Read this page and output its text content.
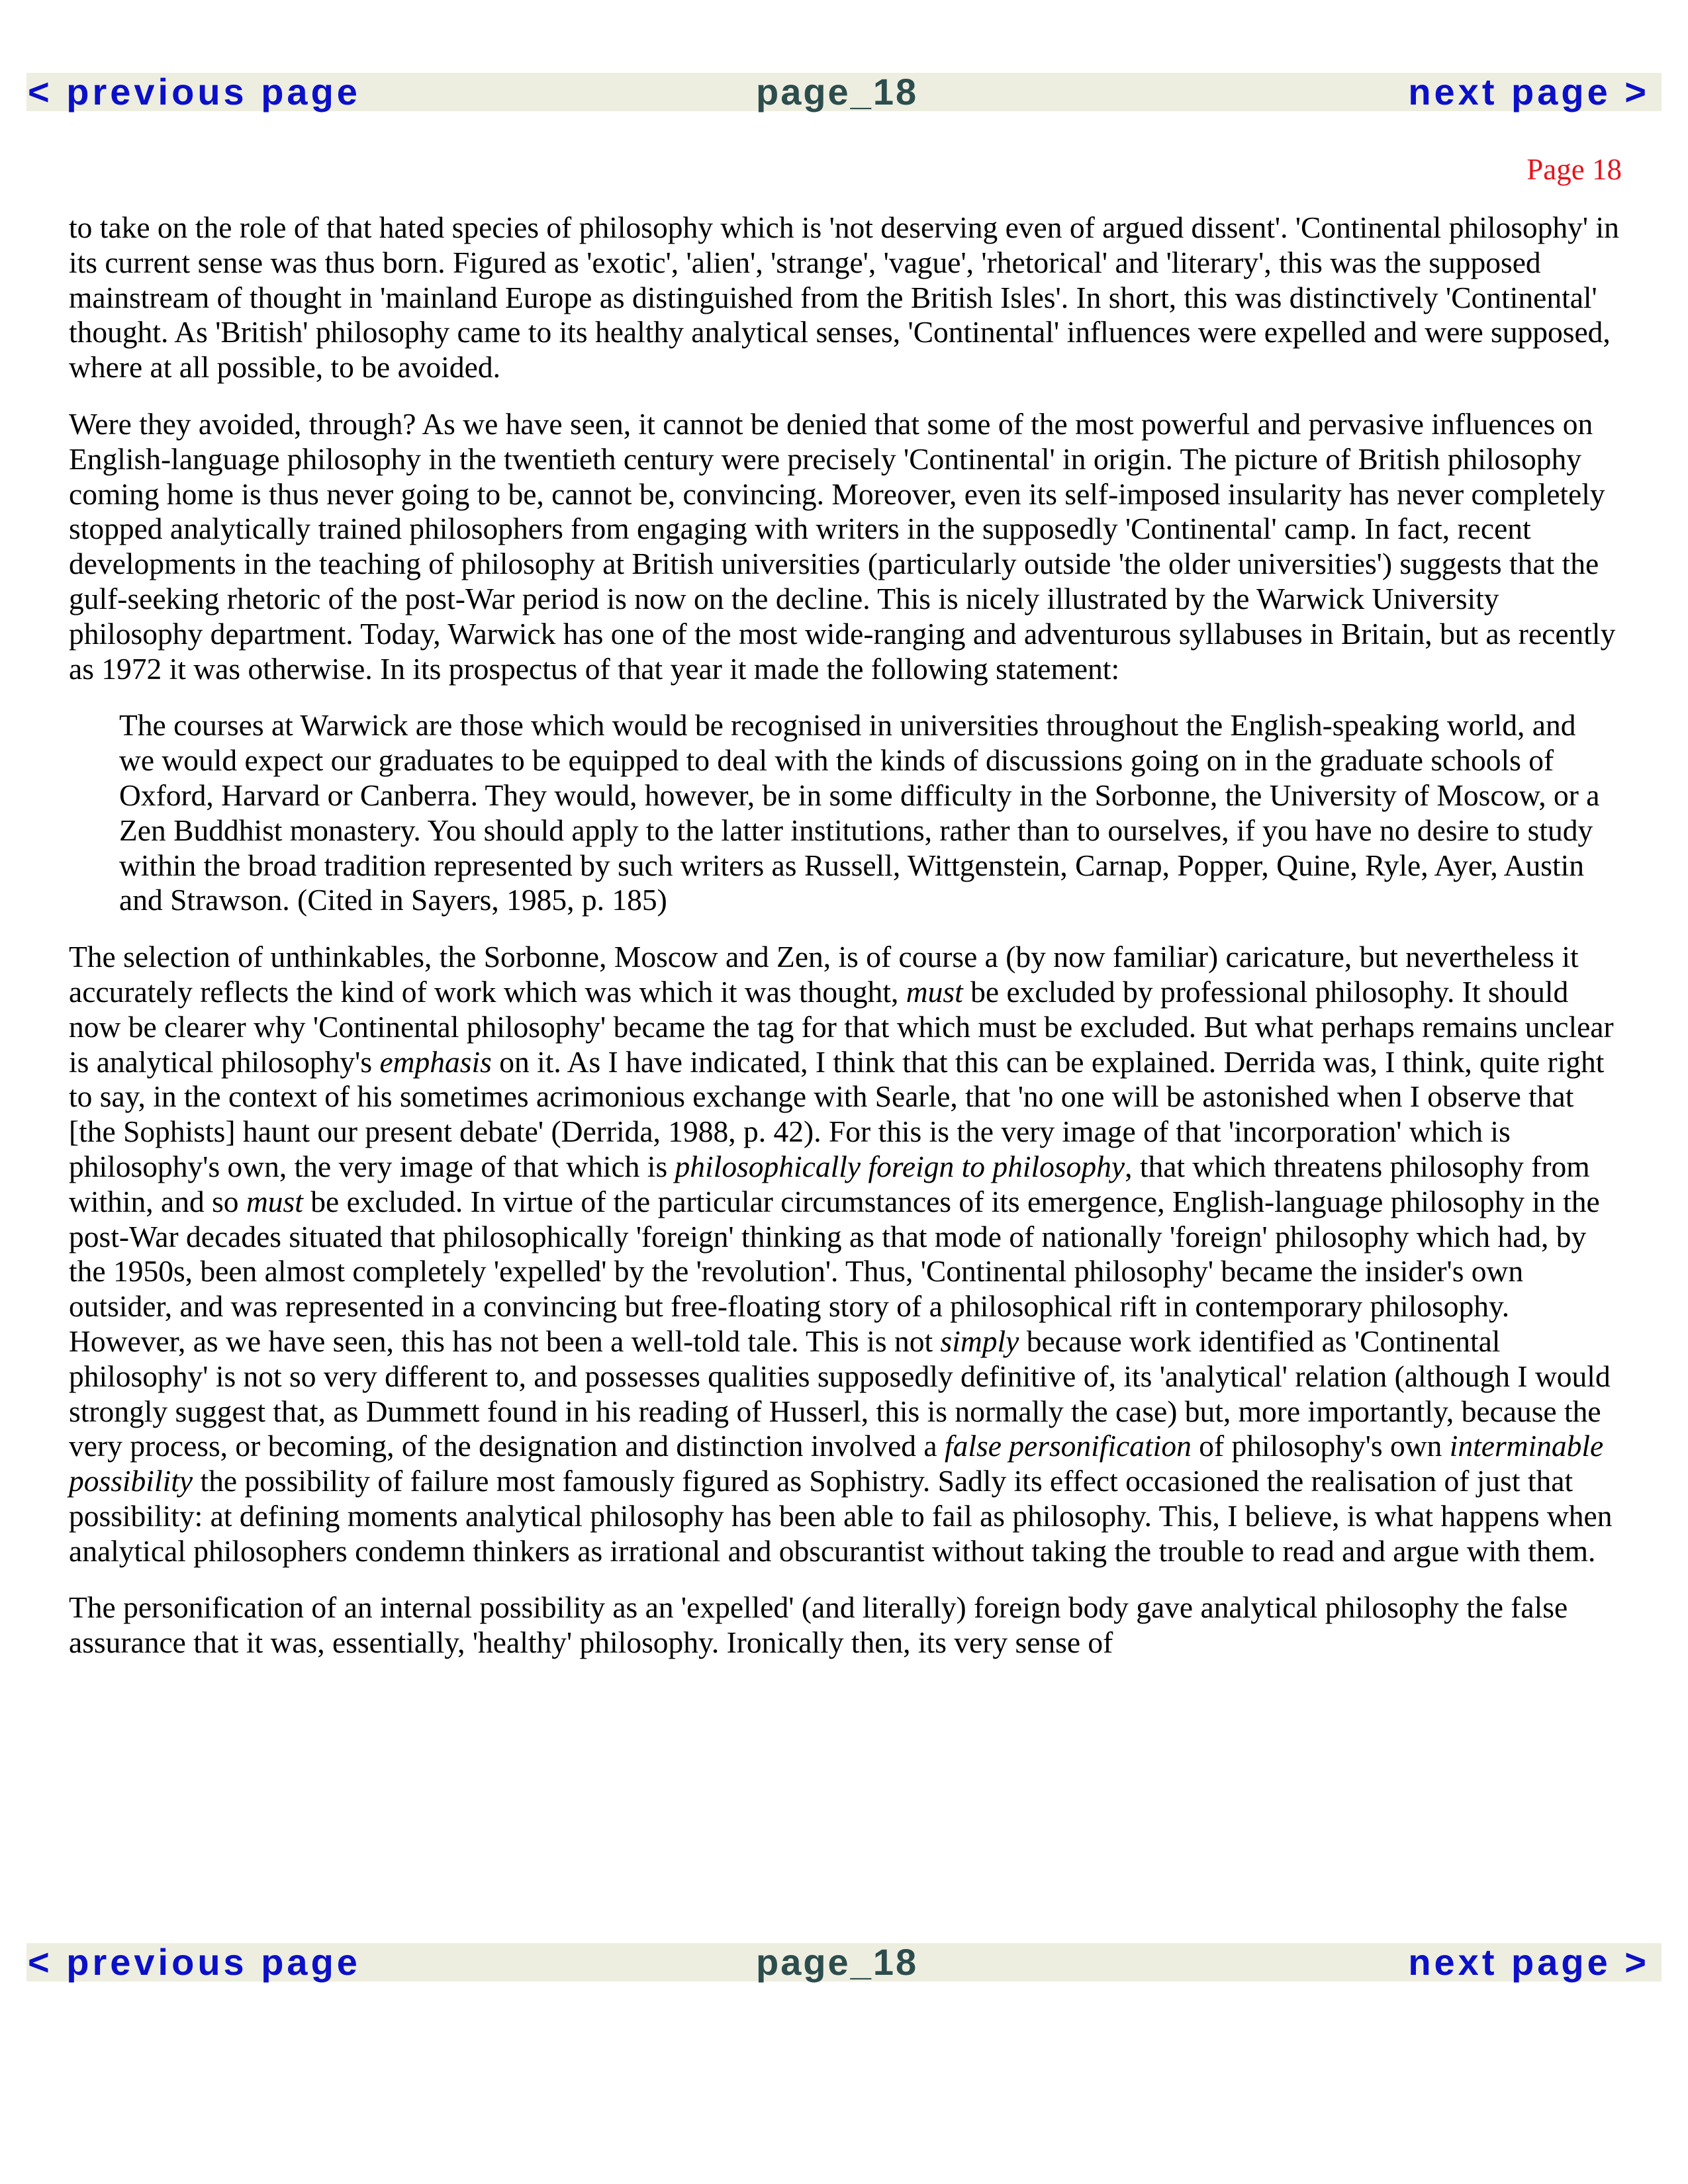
< previous page	page_18	next page >
Page 18

to take on the role of that hated species of philosophy which is 'not deserving even of argued dissent'. 'Continental philosophy' in its current sense was thus born. Figured as 'exotic', 'alien', 'strange', 'vague', 'rhetorical' and 'literary', this was the supposed mainstream of thought in 'mainland Europe as distinguished from the British Isles'. In short, this was distinctively 'Continental' thought. As 'British' philosophy came to its healthy analytical senses, 'Continental' influences were expelled and were supposed, where at all possible, to be avoided.

Were they avoided, through? As we have seen, it cannot be denied that some of the most powerful and pervasive influences on English-language philosophy in the twentieth century were precisely 'Continental' in origin. The picture of British philosophy coming home is thus never going to be, cannot be, convincing. Moreover, even its self-imposed insularity has never completely stopped analytically trained philosophers from engaging with writers in the supposedly 'Continental' camp. In fact, recent developments in the teaching of philosophy at British universities (particularly outside 'the older universities') suggests that the gulf-seeking rhetoric of the post-War period is now on the decline. This is nicely illustrated by the Warwick University philosophy department. Today, Warwick has one of the most wide-ranging and adventurous syllabuses in Britain, but as recently as 1972 it was otherwise. In its prospectus of that year it made the following statement:

The courses at Warwick are those which would be recognised in universities throughout the English-speaking world, and we would expect our graduates to be equipped to deal with the kinds of discussions going on in the graduate schools of Oxford, Harvard or Canberra. They would, however, be in some difficulty in the Sorbonne, the University of Moscow, or a Zen Buddhist monastery. You should apply to the latter institutions, rather than to ourselves, if you have no desire to study within the broad tradition represented by such writers as Russell, Wittgenstein, Carnap, Popper, Quine, Ryle, Ayer, Austin and Strawson. (Cited in Sayers, 1985, p. 185)

The selection of unthinkables, the Sorbonne, Moscow and Zen, is of course a (by now familiar) caricature, but nevertheless it accurately reflects the kind of work which was which it was thought, must be excluded by professional philosophy. It should now be clearer why 'Continental philosophy' became the tag for that which must be excluded. But what perhaps remains unclear is analytical philosophy's emphasis on it. As I have indicated, I think that this can be explained. Derrida was, I think, quite right to say, in the context of his sometimes acrimonious exchange with Searle, that 'no one will be astonished when I observe that [the Sophists] haunt our present debate' (Derrida, 1988, p. 42). For this is the very image of that 'incorporation' which is philosophy's own, the very image of that which is philosophically foreign to philosophy, that which threatens philosophy from within, and so must be excluded. In virtue of the particular circumstances of its emergence, English-language philosophy in the post-War decades situated that philosophically 'foreign' thinking as that mode of nationally 'foreign' philosophy which had, by the 1950s, been almost completely 'expelled' by the 'revolution'. Thus, 'Continental philosophy' became the insider's own outsider, and was represented in a convincing but free-floating story of a philosophical rift in contemporary philosophy. However, as we have seen, this has not been a well-told tale. This is not simply because work identified as 'Continental philosophy' is not so very different to, and possesses qualities supposedly definitive of, its 'analytical' relation (although I would strongly suggest that, as Dummett found in his reading of Husserl, this is normally the case) but, more importantly, because the very process, or becoming, of the designation and distinction involved a false personification of philosophy's own interminable possibility the possibility of failure most famously figured as Sophistry. Sadly its effect occasioned the realisation of just that possibility: at defining moments analytical philosophy has been able to fail as philosophy. This, I believe, is what happens when analytical philosophers condemn thinkers as irrational and obscurantist without taking the trouble to read and argue with them.

The personification of an internal possibility as an 'expelled' (and literally) foreign body gave analytical philosophy the false assurance that it was, essentially, 'healthy' philosophy. Ironically then, its very sense of

< previous page	page_18	next page >
